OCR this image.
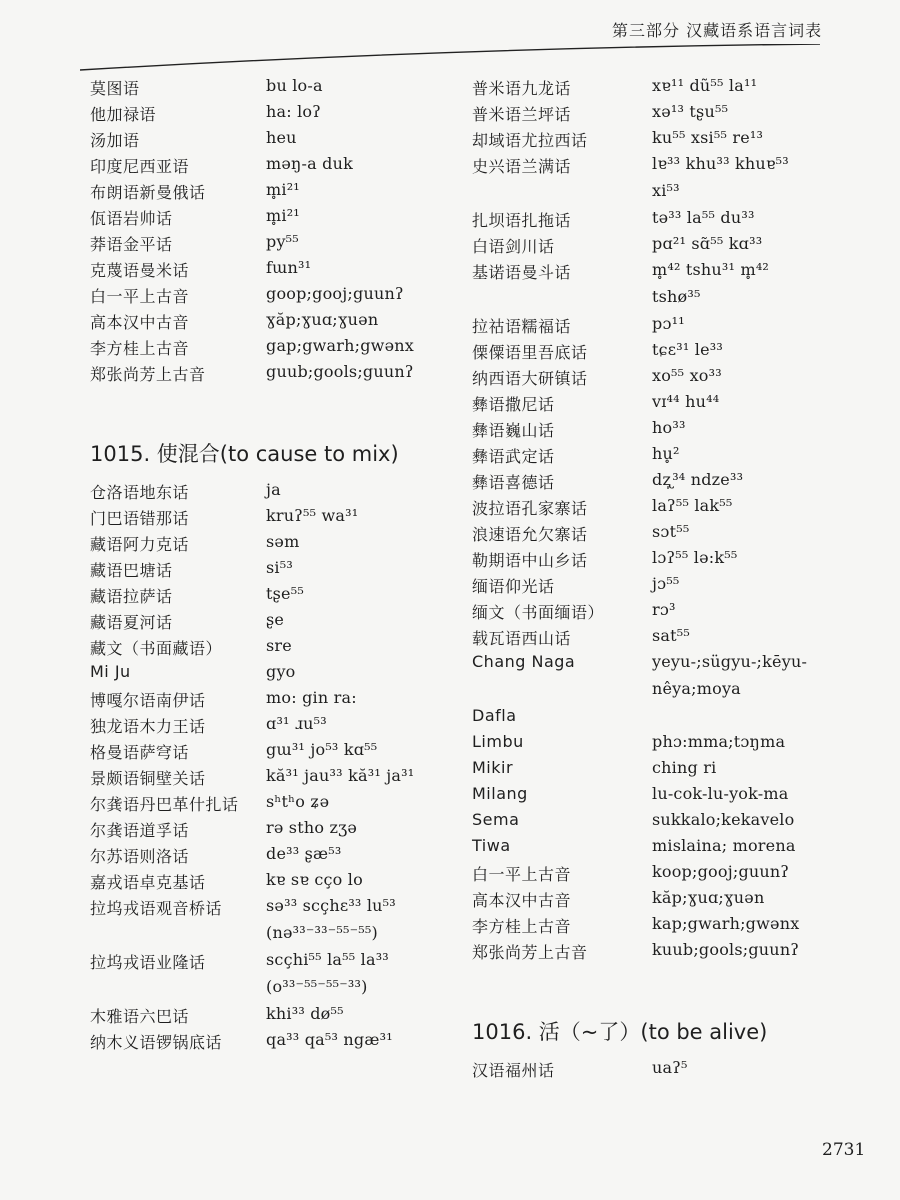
第三部分 汉藏语系语言词表
莫图语	bu lo-a
他加禄语	ha: loʔ
汤加语	heu
印度尼西亚语	məŋ-a duk
布朗语新曼俄话	m̥i²¹
佤语岩帅话	m̥i²¹
莽语金平话	py⁵⁵
克蔑语曼米话	fɯn³¹
白一平上古音	goop;gooj;guunʔ
高本汉中古音	ɣăp;ɣuɑ;ɣuən
李方桂上古音	gap;gwarh;gwənx
郑张尚芳上古音	guub;gools;guunʔ
1015. 使混合(to cause to mix)
仓洛语地东话	ja
门巴语错那话	kruʔ⁵⁵ wa³¹
藏语阿力克话	səm
藏语巴塘话	si⁵³
藏语拉萨话	tʂe⁵⁵
藏语夏河话	ʂe
藏文（书面藏语）	sre
Mi Ju	gyo
博嘎尔语南伊话	mo: gin ra:
独龙语木力王话	ɑ³¹ ɹu⁵³
格曼语萨穹话	gɯ³¹ jo⁵³ kɑ⁵⁵
景颇语铜壁关话	kă³¹ jau³³ kă³¹ ja³¹
尔龚语丹巴革什扎话 sʰtʰo ʑə
尔龚语道孚话	rə stho zʒə
尔苏语则洛话	de³³ ʂæ⁵³
嘉戎语卓克基话	kɐ sɐ cço lo
拉坞戎语观音桥话	sə³³ scçhɛ³³ lu⁵³
(nə³³⁻³³⁻⁵⁵⁻⁵⁵)
拉坞戎语业隆话	scçhi⁵⁵ la⁵⁵ la³³
(o³³⁻⁵⁵⁻⁵⁵⁻³³)
木雅语六巴话	khi³³ dø⁵⁵
纳木义语锣锅底话	qa³³ qa⁵³ ngæ³¹
普米语九龙话	xɐ¹¹ dũ⁵⁵ la¹¹
普米语兰坪话	xə¹³ tʂu⁵⁵
却域语尤拉西话	ku⁵⁵ xsi⁵⁵ re¹³
史兴语兰满话	lɐ³³ khu³³ khuɐ⁵³
xi⁵³
扎坝语扎拖话	tə³³ la⁵⁵ du³³
白语剑川话	pɑ²¹ sɑ̃⁵⁵ kɑ³³
基诺语曼斗话	m̥⁴² tshu³¹ m̥⁴²
tshø³⁵
拉祜语糯福话	pɔ¹¹
傈僳语里吾底话	tɕɛ³¹ le³³
纳西语大研镇话	xo⁵⁵ xo³³
彝语撒尼话	vɪ⁴⁴ hu⁴⁴
彝语巍山话	ho³³
彝语武定话	hu̥²
彝语喜德话	dʐ̩³⁴ ndze³³
波拉语孔家寨话	laʔ⁵⁵ lak⁵⁵
浪速语允欠寨话	sɔt⁵⁵
勒期语中山乡话	lɔʔ⁵⁵ lə:k⁵⁵
缅语仰光话	jɔ⁵⁵
缅文（书面缅语）	rɔ³
载瓦语西山话	sat⁵⁵
Chang Naga	yeyu-;sügyu-;kēyu-
nêya;moya
Dafla
Limbu	phɔ:mma;tɔŋma
Mikir	ching ri
Milang	lu-cok-lu-yok-ma
Sema	sukkalo;kekavelo
Tiwa	mislaina; morena
白一平上古音	koop;gooj;guunʔ
高本汉中古音	kăp;ɣuɑ;ɣuən
李方桂上古音	kap;gwarh;gwənx
郑张尚芳上古音	kuub;gools;guunʔ
1016. 活（~了）(to be alive)
汉语福州话	uaʔ⁵
2731
